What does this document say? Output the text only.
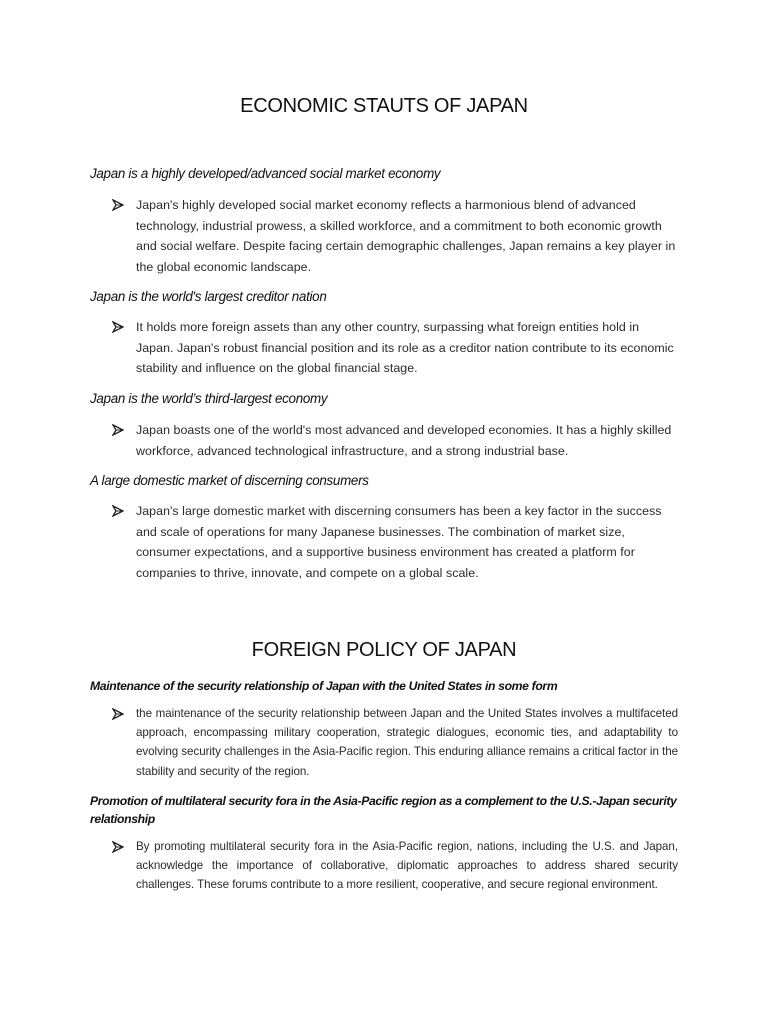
ECONOMIC STAUTS OF JAPAN

Japan is a highly developed/advanced social market economy

Japan's highly developed social market economy reflects a harmonious blend of advanced technology, industrial prowess, a skilled workforce, and a commitment to both economic growth and social welfare. Despite facing certain demographic challenges, Japan remains a key player in the global economic landscape.

Japan is the world's largest creditor nation

It holds more foreign assets than any other country, surpassing what foreign entities hold in Japan. Japan's robust financial position and its role as a creditor nation contribute to its economic stability and influence on the global financial stage.

Japan is the world’s third-largest economy

Japan boasts one of the world's most advanced and developed economies. It has a highly skilled workforce, advanced technological infrastructure, and a strong industrial base.

A large domestic market of discerning consumers

Japan's large domestic market with discerning consumers has been a key factor in the success and scale of operations for many Japanese businesses. The combination of market size, consumer expectations, and a supportive business environment has created a platform for companies to thrive, innovate, and compete on a global scale.

FOREIGN POLICY OF JAPAN

Maintenance of the security relationship of Japan with the United States in some form

the maintenance of the security relationship between Japan and the United States involves a multifaceted approach, encompassing military cooperation, strategic dialogues, economic ties, and adaptability to evolving security challenges in the Asia-Pacific region. This enduring alliance remains a critical factor in the stability and security of the region.

Promotion of multilateral security fora in the Asia-Pacific region as a complement to the U.S.-Japan security relationship

By promoting multilateral security fora in the Asia-Pacific region, nations, including the U.S. and Japan, acknowledge the importance of collaborative, diplomatic approaches to address shared security challenges. These forums contribute to a more resilient, cooperative, and secure regional environment.
